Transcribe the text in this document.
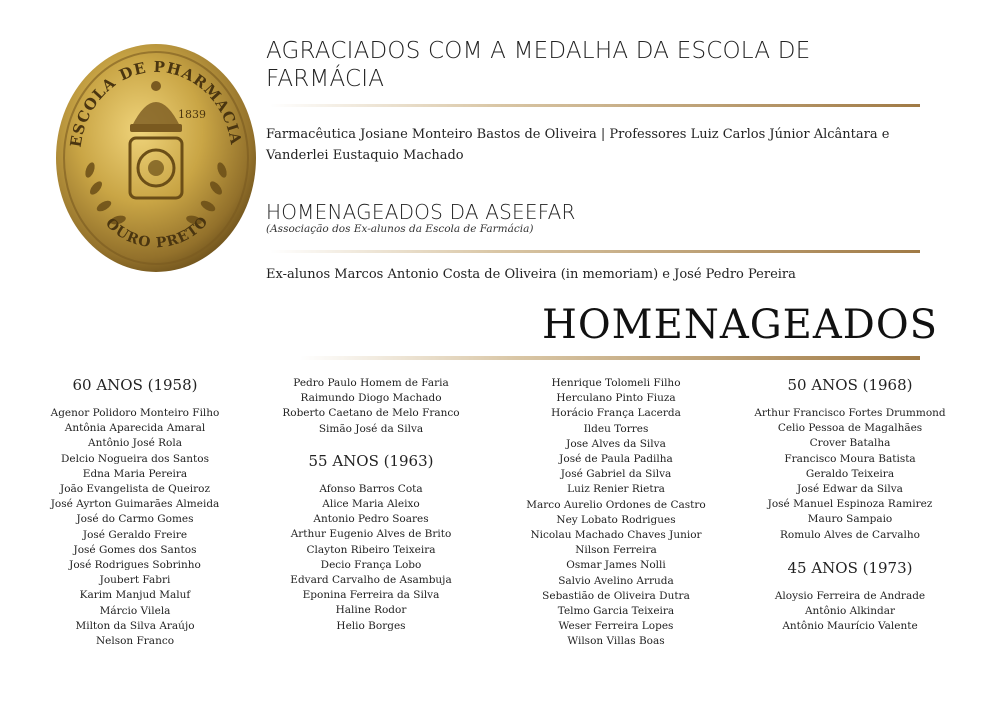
ESCOLA DE PHARMACIA
OURO PRETO
1839
AGRACIADOS COM A MEDALHA DA ESCOLA DE FARMÁCIA
Farmacêutica Josiane Monteiro Bastos de Oliveira | Professores Luiz Carlos Júnior Alcântara e Vanderlei Eustaquio Machado
HOMENAGEADOS DA ASEEFAR
(Associação dos Ex-alunos da Escola de Farmácia)
Ex-alunos Marcos Antonio Costa de Oliveira (in memoriam) e José Pedro Pereira
HOMENAGEADOS
60 ANOS (1958)
Agenor Polidoro Monteiro Filho
Antônia Aparecida Amaral
Antônio José Rola
Delcio Nogueira dos Santos
Edna Maria Pereira
João Evangelista de Queiroz
José Ayrton Guimarães Almeida
José do Carmo Gomes
José Geraldo Freire
José Gomes dos Santos
José Rodrigues Sobrinho
Joubert Fabri
Karim Manjud Maluf
Márcio Vilela
Milton da Silva Araújo
Nelson Franco
Pedro Paulo Homem de Faria
Raimundo Diogo Machado
Roberto Caetano de Melo Franco
Simão José da Silva
55 ANOS (1963)
Afonso Barros Cota
Alice Maria Aleixo
Antonio Pedro Soares
Arthur Eugenio Alves de Brito
Clayton Ribeiro Teixeira
Decio França Lobo
Edvard Carvalho de Asambuja
Eponina Ferreira da Silva
Haline Rodor
Helio Borges
Henrique Tolomeli Filho
Herculano Pinto Fiuza
Horácio França Lacerda
Ildeu Torres
Jose Alves da Silva
José de Paula Padilha
José Gabriel da Silva
Luiz Renier Rietra
Marco Aurelio Ordones de Castro
Ney Lobato Rodrigues
Nicolau Machado Chaves Junior
Nilson Ferreira
Osmar James Nolli
Salvio Avelino Arruda
Sebastião de Oliveira Dutra
Telmo Garcia Teixeira
Weser Ferreira Lopes
Wilson Villas Boas
50 ANOS (1968)
Arthur Francisco Fortes Drummond
Celio Pessoa de Magalhães
Crover Batalha
Francisco Moura Batista
Geraldo Teixeira
José Edwar da Silva
José Manuel Espinoza Ramirez
Mauro Sampaio
Romulo Alves de Carvalho
45 ANOS (1973)
Aloysio Ferreira de Andrade
Antônio Alkindar
Antônio Maurício Valente
